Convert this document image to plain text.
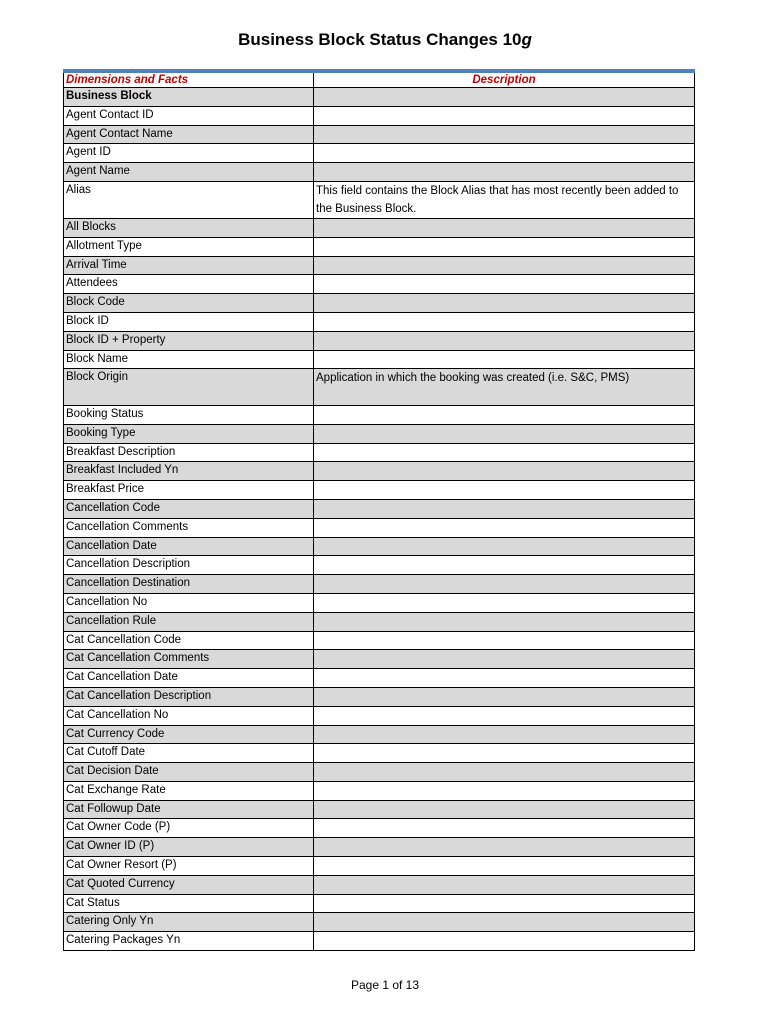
Business Block Status Changes 10g
Dimensions and Facts	Description
Business Block	
Agent Contact ID	
Agent Contact Name	
Agent ID	
Agent Name	
Alias	This field contains the Block Alias that has most recently been added to the Business Block.
All Blocks	
Allotment Type	
Arrival Time	
Attendees	
Block Code	
Block ID	
Block ID + Property	
Block Name	
Block Origin	Application in which the booking was created (i.e. S&C, PMS)
Booking Status	
Booking Type	
Breakfast Description	
Breakfast Included Yn	
Breakfast Price	
Cancellation Code	
Cancellation Comments	
Cancellation Date	
Cancellation Description	
Cancellation Destination	
Cancellation No	
Cancellation Rule	
Cat Cancellation Code	
Cat Cancellation Comments	
Cat Cancellation Date	
Cat Cancellation Description	
Cat Cancellation No	
Cat Currency Code	
Cat Cutoff Date	
Cat Decision Date	
Cat Exchange Rate	
Cat Followup Date	
Cat Owner Code (P)	
Cat Owner ID (P)	
Cat Owner Resort (P)	
Cat Quoted Currency	
Cat Status	
Catering Only Yn	
Catering Packages Yn	
Page 1 of 13
